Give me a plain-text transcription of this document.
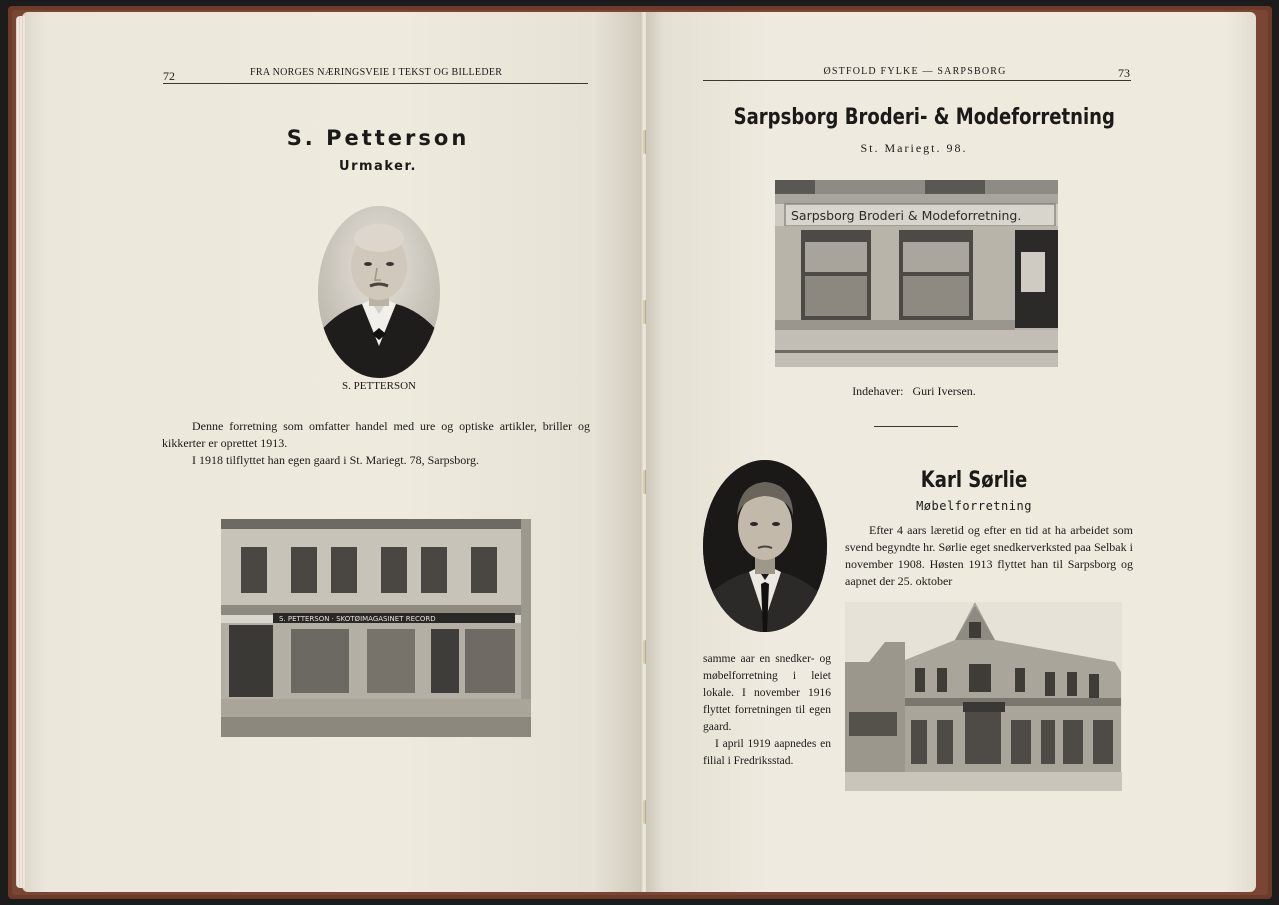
72	FRA NORGES NÆRINGSVEIE I TEKST OG BILLEDER
S. Petterson
Urmaker.
S. PETTERSON
Denne forretning som omfatter handel med ure og optiske artikler, briller og kikkerter er oprettet 1913.
I 1918 tilflyttet han egen gaard i St. Mariegt. 78, Sarpsborg.
S. PETTERSON · SKOTØIMAGASINET RECORD
ØSTFOLD FYLKE — SARPSBORG	73
Sarpsborg Broderi- & Modeforretning
St. Mariegt. 98.
Sarpsborg Broderi & Modeforretning.
Indehaver:   Guri Iversen.
Karl Sørlie
Møbelforretning
Efter 4 aars læretid og efter en tid at ha arbeidet som svend begyndte hr. Sørlie eget snedkerverksted paa Selbak i november 1908. Høsten 1913 flyttet han til Sarpsborg og aapnet der 25. oktober
samme aar en snedker- og møbelforretning i leiet lokale. I november 1916 flyttet forretningen til egen gaard.
I april 1919 aapnedes en filial i Fredriksstad.
